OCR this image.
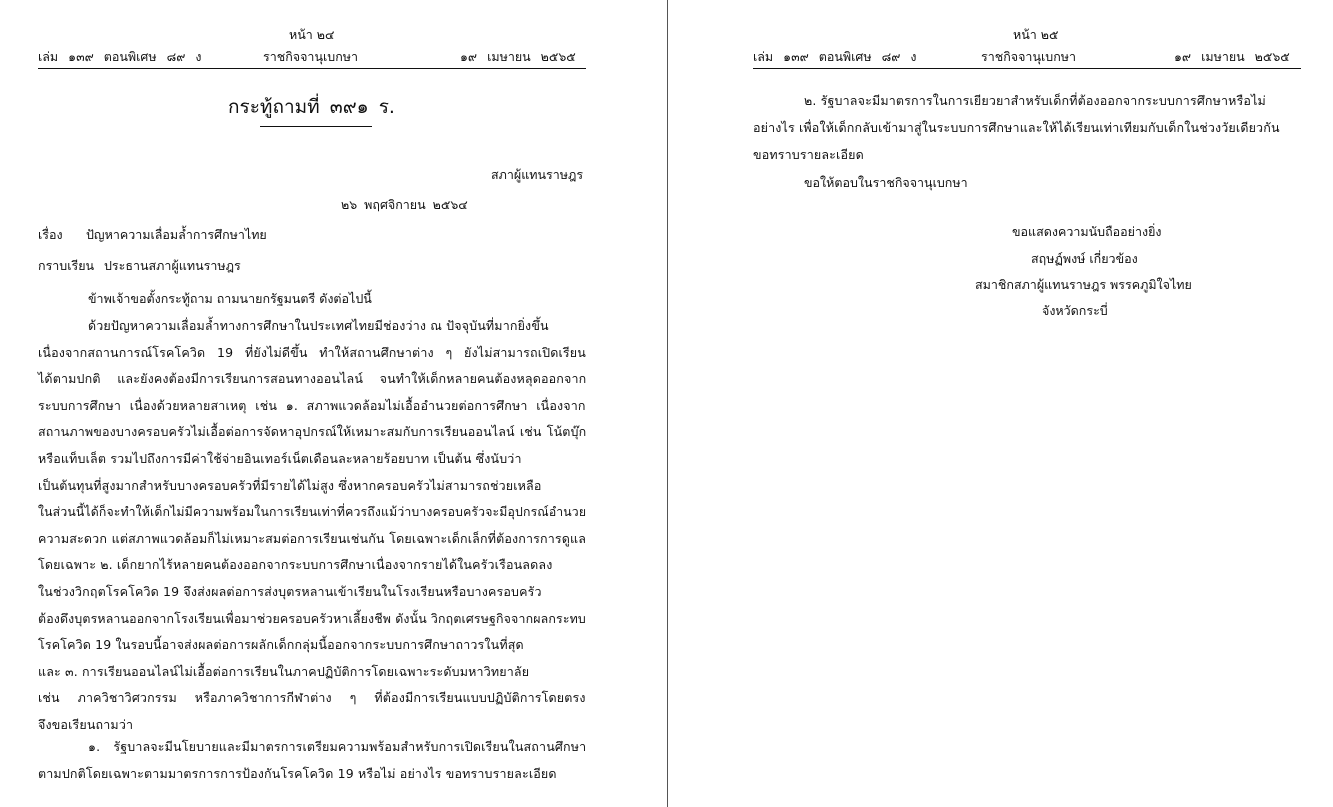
หน้า ๒๔
เล่ม ๑๓๙ ตอนพิเศษ ๘๙ ง	ราชกิจจานุเบกษา	๑๙ เมษายน ๒๕๖๕
กระทู้ถามที่ ๓๙๑ ร.
สภาผู้แทนราษฎร
๒๖ พฤศจิกายน ๒๕๖๔
เรื่อง ปัญหาความเลื่อมล้ำการศึกษาไทย
กราบเรียน ประธานสภาผู้แทนราษฎร
ข้าพเจ้าขอตั้งกระทู้ถาม ถามนายกรัฐมนตรี ดังต่อไปนี้
ด้วยปัญหาความเลื่อมล้ำทางการศึกษาในประเทศไทยมีช่องว่าง ณ ปัจจุบันที่มากยิ่งขึ้น
เนื่องจากสถานการณ์โรคโควิด 19 ที่ยังไม่ดีขึ้น ทำให้สถานศึกษาต่าง ๆ ยังไม่สามารถเปิดเรียน
ได้ตามปกติ และยังคงต้องมีการเรียนการสอนทางออนไลน์ จนทำให้เด็กหลายคนต้องหลุดออกจาก
ระบบการศึกษา เนื่องด้วยหลายสาเหตุ เช่น ๑. สภาพแวดล้อมไม่เอื้ออำนวยต่อการศึกษา เนื่องจาก
สถานภาพของบางครอบครัวไม่เอื้อต่อการจัดหาอุปกรณ์ให้เหมาะสมกับการเรียนออนไลน์ เช่น โน้ตบุ๊ก
หรือแท็บเล็ต รวมไปถึงการมีค่าใช้จ่ายอินเทอร์เน็ตเดือนละหลายร้อยบาท เป็นต้น ซึ่งนับว่า
เป็นต้นทุนที่สูงมากสำหรับบางครอบครัวที่มีรายได้ไม่สูง ซึ่งหากครอบครัวไม่สามารถช่วยเหลือ
ในส่วนนี้ได้ก็จะทำให้เด็กไม่มีความพร้อมในการเรียนเท่าที่ควรถึงแม้ว่าบางครอบครัวจะมีอุปกรณ์อำนวย
ความสะดวก แต่สภาพแวดล้อมก็ไม่เหมาะสมต่อการเรียนเช่นกัน โดยเฉพาะเด็กเล็กที่ต้องการการดูแล
โดยเฉพาะ ๒. เด็กยากไร้หลายคนต้องออกจากระบบการศึกษาเนื่องจากรายได้ในครัวเรือนลดลง
ในช่วงวิกฤตโรคโควิด 19 จึงส่งผลต่อการส่งบุตรหลานเข้าเรียนในโรงเรียนหรือบางครอบครัว
ต้องดึงบุตรหลานออกจากโรงเรียนเพื่อมาช่วยครอบครัวหาเลี้ยงชีพ ดังนั้น วิกฤตเศรษฐกิจจากผลกระทบ
โรคโควิด 19 ในรอบนี้อาจส่งผลต่อการผลักเด็กกลุ่มนี้ออกจากระบบการศึกษาถาวรในที่สุด
และ ๓. การเรียนออนไลน์ไม่เอื้อต่อการเรียนในภาคปฏิบัติการโดยเฉพาะระดับมหาวิทยาลัย
เช่น ภาควิชาวิศวกรรม หรือภาควิชาการกีฬาต่าง ๆ ที่ต้องมีการเรียนแบบปฏิบัติการโดยตรง
จึงขอเรียนถามว่า
๑. รัฐบาลจะมีนโยบายและมีมาตรการเตรียมความพร้อมสำหรับการเปิดเรียนในสถานศึกษา
ตามปกติโดยเฉพาะตามมาตรการการป้องกันโรคโควิด 19 หรือไม่ อย่างไร ขอทราบรายละเอียด
หน้า ๒๕
เล่ม ๑๓๙ ตอนพิเศษ ๘๙ ง	ราชกิจจานุเบกษา	๑๙ เมษายน ๒๕๖๕
๒. รัฐบาลจะมีมาตรการในการเยียวยาสำหรับเด็กที่ต้องออกจากระบบการศึกษาหรือไม่
อย่างไร เพื่อให้เด็กกลับเข้ามาสู่ในระบบการศึกษาและให้ได้เรียนเท่าเทียมกับเด็กในช่วงวัยเดียวกัน
ขอทราบรายละเอียด
ขอให้ตอบในราชกิจจานุเบกษา
ขอแสดงความนับถืออย่างยิ่ง
สฤษฏ์พงษ์ เกี่ยวข้อง
สมาชิกสภาผู้แทนราษฎร พรรคภูมิใจไทย
จังหวัดกระบี่
